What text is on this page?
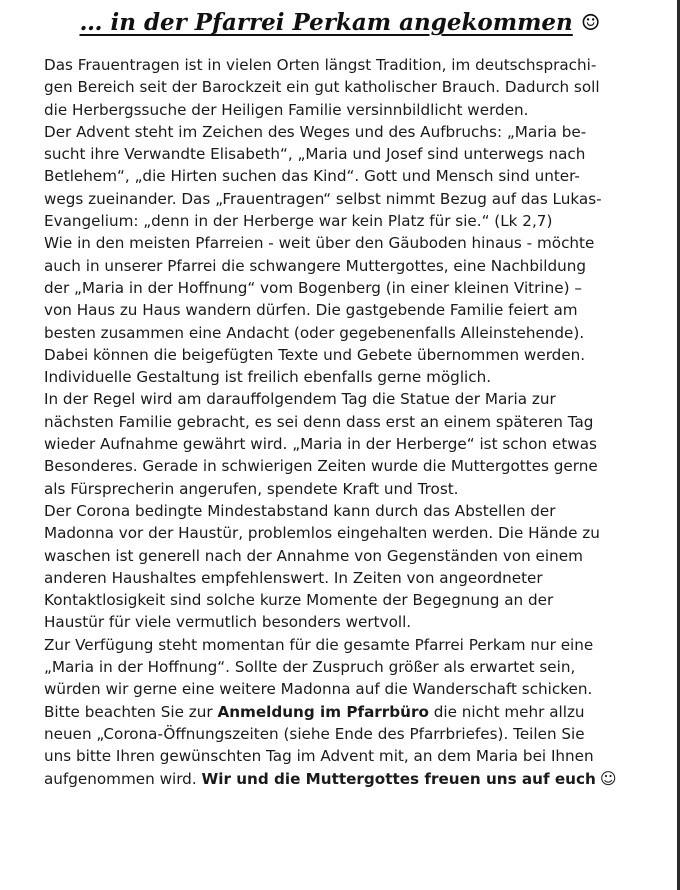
… in der Pfarrei Perkam angekommen ☺
Das Frauentragen ist in vielen Orten längst Tradition, im deutschsprachi-
gen Bereich seit der Barockzeit ein gut katholischer Brauch. Dadurch soll
die Herbergssuche der Heiligen Familie versinnbildlicht werden.
Der Advent steht im Zeichen des Weges und des Aufbruchs: „Maria be-
sucht ihre Verwandte Elisabeth“, „Maria und Josef sind unterwegs nach
Betlehem“, „die Hirten suchen das Kind“. Gott und Mensch sind unter-
wegs zueinander. Das „Frauentragen“ selbst nimmt Bezug auf das Lukas-
Evangelium: „denn in der Herberge war kein Platz für sie.“ (Lk 2,7)
Wie in den meisten Pfarreien - weit über den Gäuboden hinaus - möchte
auch in unserer Pfarrei die schwangere Muttergottes, eine Nachbildung
der „Maria in der Hoffnung“ vom Bogenberg (in einer kleinen Vitrine) –
von Haus zu Haus wandern dürfen. Die gastgebende Familie feiert am
besten zusammen eine Andacht (oder gegebenenfalls Alleinstehende).
Dabei können die beigefügten Texte und Gebete übernommen werden.
Individuelle Gestaltung ist freilich ebenfalls gerne möglich.
In der Regel wird am darauffolgendem Tag die Statue der Maria zur
nächsten Familie gebracht, es sei denn dass erst an einem späteren Tag
wieder Aufnahme gewährt wird. „Maria in der Herberge“ ist schon etwas
Besonderes. Gerade in schwierigen Zeiten wurde die Muttergottes gerne
als Fürsprecherin angerufen, spendete Kraft und Trost.
Der Corona bedingte Mindestabstand kann durch das Abstellen der
Madonna vor der Haustür, problemlos eingehalten werden. Die Hände zu
waschen ist generell nach der Annahme von Gegenständen von einem
anderen Haushaltes empfehlenswert. In Zeiten von angeordneter
Kontaktlosigkeit sind solche kurze Momente der Begegnung an der
Haustür für viele vermutlich besonders wertvoll.
Zur Verfügung steht momentan für die gesamte Pfarrei Perkam nur eine
„Maria in der Hoffnung“. Sollte der Zuspruch größer als erwartet sein,
würden wir gerne eine weitere Madonna auf die Wanderschaft schicken.
Bitte beachten Sie zur Anmeldung im Pfarrbüro die nicht mehr allzu
neuen „Corona-Öffnungszeiten (siehe Ende des Pfarrbriefes). Teilen Sie
uns bitte Ihren gewünschten Tag im Advent mit, an dem Maria bei Ihnen
aufgenommen wird. Wir und die Muttergottes freuen uns auf euch ☺
